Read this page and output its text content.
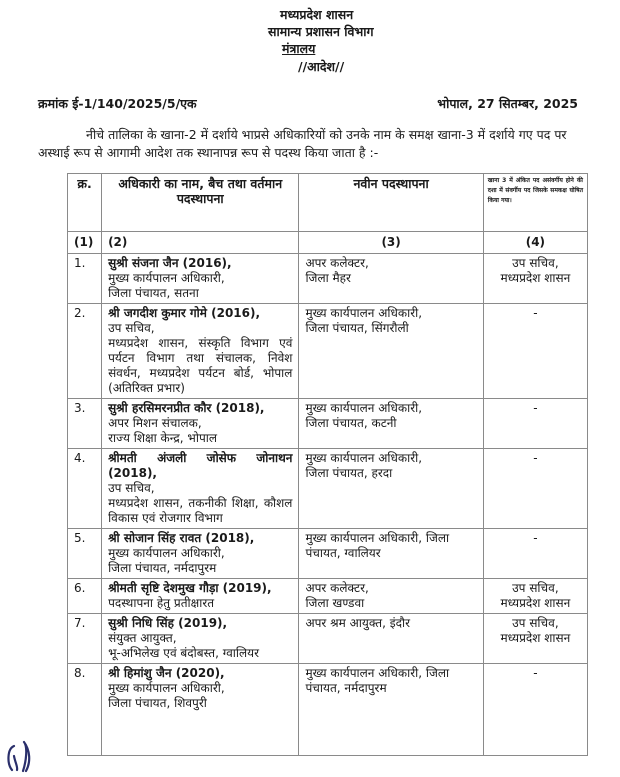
मध्यप्रदेश शासन
सामान्य प्रशासन विभाग
मंत्रालय
//आदेश//
क्रमांक ई-1/140/2025/5/एक	भोपाल, 27 सितम्बर, 2025
नीचे तालिका के खाना-2 में दर्शाये भाप्रसे अधिकारियों को उनके नाम के समक्ष खाना-3 में दर्शाये गए पद पर अस्थाई रूप से आगामी आदेश तक स्थानापन्न रूप से पदस्थ किया जाता है :-
क्र.	अधिकारी का नाम, बैच तथा वर्तमान पदस्थापना	नवीन पदस्थापना	खाना 3 में अंकित पद असंवर्गीय होने की दशा में संवर्गीय पद जिसके समकक्ष घोषित किया गया।
(1)	(2)	(3)	(4)
1.	सुश्री संजना जैन (2016),
मुख्य कार्यपालन अधिकारी,
जिला पंचायत, सतना	अपर कलेक्टर,
जिला मैहर	उप सचिव,
मध्यप्रदेश शासन

2.	श्री जगदीश कुमार गोमे (2016),
उप सचिव,
मध्यप्रदेश शासन, संस्कृति विभाग एवं पर्यटन विभाग तथा संचालक, निवेश संवर्धन, मध्यप्रदेश पर्यटन बोर्ड, भोपाल (अतिरिक्त प्रभार)	मुख्य कार्यपालन अधिकारी,
जिला पंचायत, सिंगरौली	-

3.	सुश्री हरसिमरनप्रीत कौर (2018),
अपर मिशन संचालक,
राज्य शिक्षा केन्द्र, भोपाल	मुख्य कार्यपालन अधिकारी,
जिला पंचायत, कटनी	-

4.	श्रीमती अंजली जोसेफ जोनाथन (2018),
उप सचिव,
मध्यप्रदेश शासन, तकनीकी शिक्षा, कौशल विकास एवं रोजगार विभाग	मुख्य कार्यपालन अधिकारी,
जिला पंचायत, हरदा	-

5.	श्री सोजान सिंह रावत (2018),
मुख्य कार्यपालन अधिकारी,
जिला पंचायत, नर्मदापुरम	मुख्य कार्यपालन अधिकारी, जिला पंचायत, ग्वालियर	-

6.	श्रीमती सृष्टि देशमुख गौड़ा (2019),
पदस्थापना हेतु प्रतीक्षारत	अपर कलेक्टर,
जिला खण्डवा	उप सचिव,
मध्यप्रदेश शासन

7.	सुश्री निधि सिंह (2019),
संयुक्त आयुक्त,
भू-अभिलेख एवं बंदोबस्त, ग्वालियर	अपर श्रम आयुक्त, इंदौर	उप सचिव,
मध्यप्रदेश शासन

8.	श्री हिमांशु जैन (2020),
मुख्य कार्यपालन अधिकारी,
जिला पंचायत, शिवपुरी	मुख्य कार्यपालन अधिकारी, जिला पंचायत, नर्मदापुरम	-
